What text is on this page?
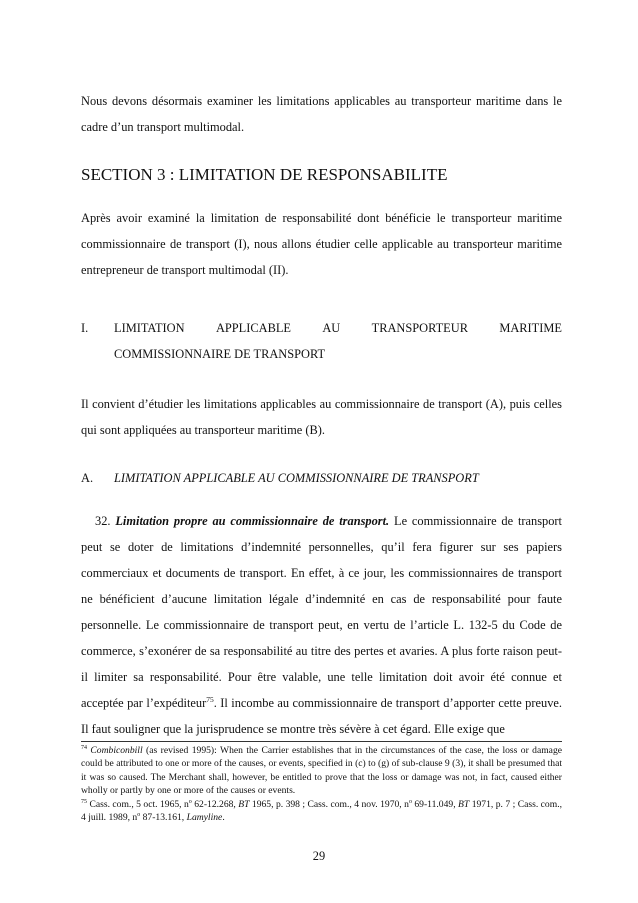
Nous devons désormais examiner les limitations applicables au transporteur maritime dans le cadre d’un transport multimodal.
SECTION 3 : LIMITATION DE RESPONSABILITE
Après avoir examiné la limitation de responsabilité dont bénéficie le transporteur maritime commissionnaire de transport (I), nous allons étudier celle applicable au transporteur maritime entrepreneur de transport multimodal (II).
I. LIMITATION	APPLICABLE	AU	TRANSPORTEUR	MARITIME
COMMISSIONNAIRE DE TRANSPORT
Il convient d’étudier les limitations applicables au commissionnaire de transport (A), puis celles qui sont appliquées au transporteur maritime (B).
A. LIMITATION APPLICABLE AU COMMISSIONNAIRE DE TRANSPORT
32. Limitation propre au commissionnaire de transport. Le commissionnaire de transport peut se doter de limitations d’indemnité personnelles, qu’il fera figurer sur ses papiers commerciaux et documents de transport. En effet, à ce jour, les commissionnaires de transport ne bénéficient d’aucune limitation légale d’indemnité en cas de responsabilité pour faute personnelle. Le commissionnaire de transport peut, en vertu de l’article L. 132-5 du Code de commerce, s’exonérer de sa responsabilité au titre des pertes et avaries. A plus forte raison peut-il limiter sa responsabilité. Pour être valable, une telle limitation doit avoir été connue et acceptée par l’expéditeur$^{75}$. Il incombe au commissionnaire de transport d’apporter cette preuve. Il faut souligner que la jurisprudence se montre très sévère à cet égard. Elle exige que
$^{74}$ Combiconbill (as revised 1995): When the Carrier establishes that in the circumstances of the case, the loss or damage could be attributed to one or more of the causes, or events, specified in (c) to (g) of sub-clause 9 (3), it shall be presumed that it was so caused. The Merchant shall, however, be entitled to prove that the loss or damage was not, in fact, caused either wholly or partly by one or more of the causes or events.
$^{75}$ Cass. com., 5 oct. 1965, $n^o$ 62-12.268, BT 1965, p. 398 ; Cass. com., 4 nov. 1970, $n^o$ 69-11.049, BT 1971, p. 7 ; Cass. com., 4 juill. 1989, $n^o$ 87-13.161, Lamyline.
29
